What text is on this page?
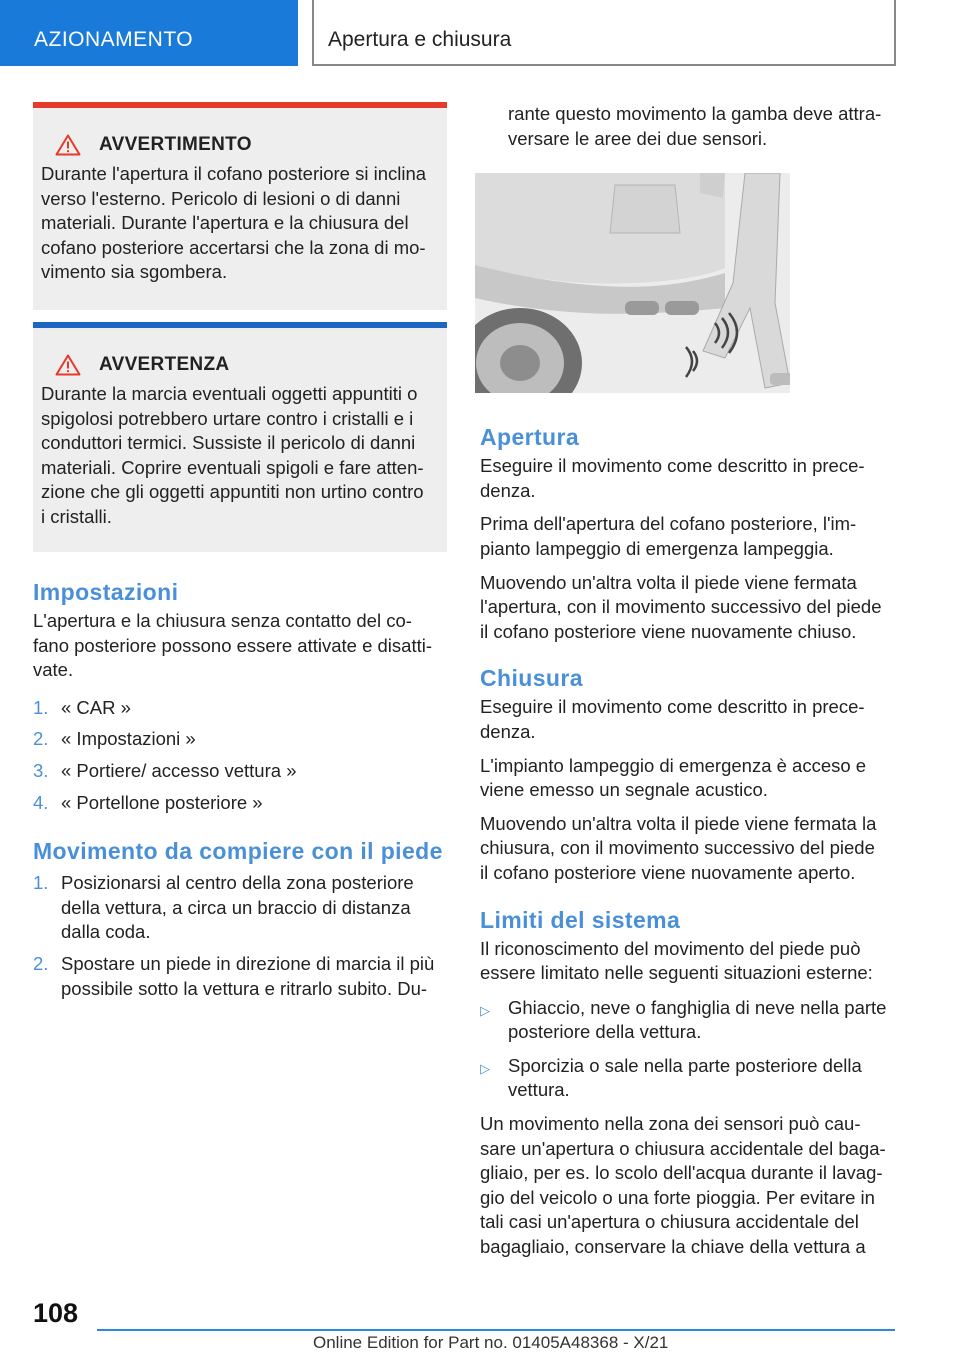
AZIONAMENTO	Apertura e chiusura
AVVERTIMENTO
Durante l'apertura il cofano posteriore si inclina
verso l'esterno. Pericolo di lesioni o di danni
materiali. Durante l'apertura e la chiusura del
cofano posteriore accertarsi che la zona di mo-
vimento sia sgombera.
AVVERTENZA
Durante la marcia eventuali oggetti appuntiti o
spigolosi potrebbero urtare contro i cristalli e i
conduttori termici. Sussiste il pericolo di danni
materiali. Coprire eventuali spigoli e fare atten-
zione che gli oggetti appuntiti non urtino contro
i cristalli.
Impostazioni

L'apertura e la chiusura senza contatto del co-
fano posteriore possono essere attivate e disatti-
vate.

1. « CAR »
2. « Impostazioni »
3. « Portiere/ accesso vettura »
4. « Portellone posteriore »
Movimento da compiere con il piede
1. Posizionarsi al centro della zona posteriore
della vettura, a circa un braccio di distanza
dalla coda.
2. Spostare un piede in direzione di marcia il più
possibile sotto la vettura e ritrarlo subito. Du-

rante questo movimento la gamba deve attra-
versare le aree dei due sensori.

Apertura

Eseguire il movimento come descritto in prece-
denza.

Prima dell'apertura del cofano posteriore, l'im-
pianto lampeggio di emergenza lampeggia.

Muovendo un'altra volta il piede viene fermata
l'apertura, con il movimento successivo del piede
il cofano posteriore viene nuovamente chiuso.

Chiusura

Eseguire il movimento come descritto in prece-
denza.

L'impianto lampeggio di emergenza è acceso e
viene emesso un segnale acustico.

Muovendo un'altra volta il piede viene fermata la
chiusura, con il movimento successivo del piede
il cofano posteriore viene nuovamente aperto.

Limiti del sistema

Il riconoscimento del movimento del piede può
essere limitato nelle seguenti situazioni esterne:

▷ Ghiaccio, neve o fanghiglia di neve nella parte
posteriore della vettura.
▷ Sporcizia o sale nella parte posteriore della
vettura.

Un movimento nella zona dei sensori può cau-
sare un'apertura o chiusura accidentale del baga-
gliaio, per es. lo scolo dell'acqua durante il lavag-
gio del veicolo o una forte pioggia. Per evitare in
tali casi un'apertura o chiusura accidentale del
bagagliaio, conservare la chiave della vettura a

108
Online Edition for Part no. 01405A48368 - X/21
